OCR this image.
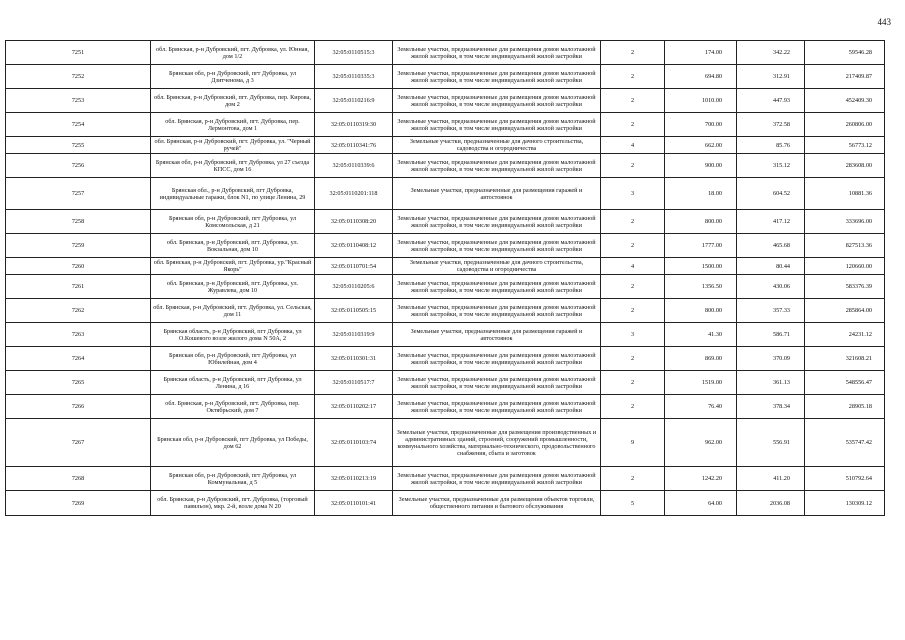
443
7251	обл. Брянская, р-н Дубровский, пгт. Дубровка, ул. Юнная, дом 1/2	32:05:0110515:3	Земельные участки, предназначенные для размещения домов малоэтажной жилой застройки, в том числе индивидуальной жилой застройки	2	174.00	342.22	59546.28
7252	Брянская обл, р-н Дубровский, пгт Дубровка, ул Дзитченома, д 3	32:05:0110335:3	Земельные участки, предназначенные для размещения домов малоэтажной жилой застройки, в том числе индивидуальной жилой застройки	2	694.80	312.91	217409.87
7253	обл. Брянская, р-н Дубровский, пгт. Дубровка, пер. Кирова, дом 2	32:05:0110216:9	Земельные участки, предназначенные для размещения домов малоэтажной жилой застройки, в том числе индивидуальной жилой застройки	2	1010.00	447.93	452409.30
7254	обл. Брянская, р-н Дубровский, пгт. Дубровка, пер. Лермонтова, дом 1	32:05:0110319:30	Земельные участки, предназначенные для размещения домов малоэтажной жилой застройки, в том числе индивидуальной жилой застройки	2	700.00	372.58	260806.00
7255	обл. Брянская, р-н Дубровский, пгт. Дубровка, ул. "Черный ручей"	32:05:0110341:76	Земельные участки, предназначенные для дачного строительства, садоводства и огородничества	4	662.00	85.76	56773.12
7256	Брянская обл, р-н Дубровский, пгт Дубровка, ул 27 съезда КПСС, дом 16	32:05:0110339:6	Земельные участки, предназначенные для размещения домов малоэтажной жилой застройки, в том числе индивидуальной жилой застройки	2	900.00	315.12	283608.00
7257	Брянская обл., р-н Дубровский, пгт Дубровка, индивидуальные гаражи, блок N1, по улице Ленина, 29	32:05:0110201:118	Земельные участки, предназначенные для размещения гаражей и автостоянок	3	18.00	604.52	10881.36
7258	Брянская обл, р-н Дубровский, пгт Дубровка, ул Комсомольская, д 21	32:05:0110308:20	Земельные участки, предназначенные для размещения домов малоэтажной жилой застройки, в том числе индивидуальной жилой застройки	2	800.00	417.12	333696.00
7259	обл. Брянская, р-н Дубровский, пгт. Дубровка, ул. Вокзальная, дом 10	32:05:0110408:12	Земельные участки, предназначенные для размещения домов малоэтажной жилой застройки, в том числе индивидуальной жилой застройки	2	1777.00	465.68	827513.36
7260	обл. Брянская, р-н Дубровский, пгт. Дубровка, ур."Красный Якорь"	32:05:0110701:54	Земельные участки, предназначенные для дачного строительства, садоводства и огородничества	4	1500.00	80.44	120660.00
7261	обл. Брянская, р-н Дубровский, пгт. Дубровка, ул. Журавлева, дом 10	32:05:0110205:6	Земельные участки, предназначенные для размещения домов малоэтажной жилой застройки, в том числе индивидуальной жилой застройки	2	1356.50	430.06	583376.39
7262	обл. Брянская, р-н Дубровский, пгт. Дубровка, ул. Сельская, дом 11	32:05:0110505:15	Земельные участки, предназначенные для размещения домов малоэтажной жилой застройки, в том числе индивидуальной жилой застройки	2	800.00	357.33	285864.00
7263	Брянская область, р-н Дубровский, пгт Дубровка, ул О.Кошевого возле жилого дома N 50А, 2	32:05:0110319:9	Земельные участки, предназначенные для размещения гаражей и автостоянок	3	41.30	586.71	24231.12
7264	Брянская обл, р-н Дубровский, пгт Дубровка, ул Юбилейная, дом 4	32:05:0110301:31	Земельные участки, предназначенные для размещения домов малоэтажной жилой застройки, в том числе индивидуальной жилой застройки	2	869.00	370.09	321608.21
7265	Брянская область, р-н Дубровский, пгт Дубровка, ул Ленина, д 16	32:05:0110517:7	Земельные участки, предназначенные для размещения домов малоэтажной жилой застройки, в том числе индивидуальной жилой застройки	2	1519.00	361.13	548556.47
7266	обл. Брянская, р-н Дубровский, пгт. Дубровка, пер. Октябрьский, дом 7	32:05:0110202:17	Земельные участки, предназначенные для размещения домов малоэтажной жилой застройки, в том числе индивидуальной жилой застройки	2	76.40	378.34	28905.18
7267	Брянская обл, р-н Дубровский, пгт Дубровка, ул Победы, дом 62	32:05:0110103:74	Земельные участки, предназначенные для размещения производственных и административных зданий, строений, сооружений промышленности, коммунального хозяйства, материально-технического, продовольственного снабжения, сбыта и заготовок	9	962.00	556.91	535747.42
7268	Брянская обл, р-н Дубровский, пгт Дубровка, ул Коммунальная, д 5	32:05:0110213:19	Земельные участки, предназначенные для размещения домов малоэтажной жилой застройки, в том числе индивидуальной жилой застройки	2	1242.20	411.20	510792.64
7269	обл. Брянская, р-н Дубровский, пгт. Дубровка, (торговый павильон), мкр. 2-й, возле дома N 20	32:05:0110101:41	Земельные участки, предназначенные для размещения объектов торговли, общественного питания и бытового обслуживания	5	64.00	2036.08	130309.12
